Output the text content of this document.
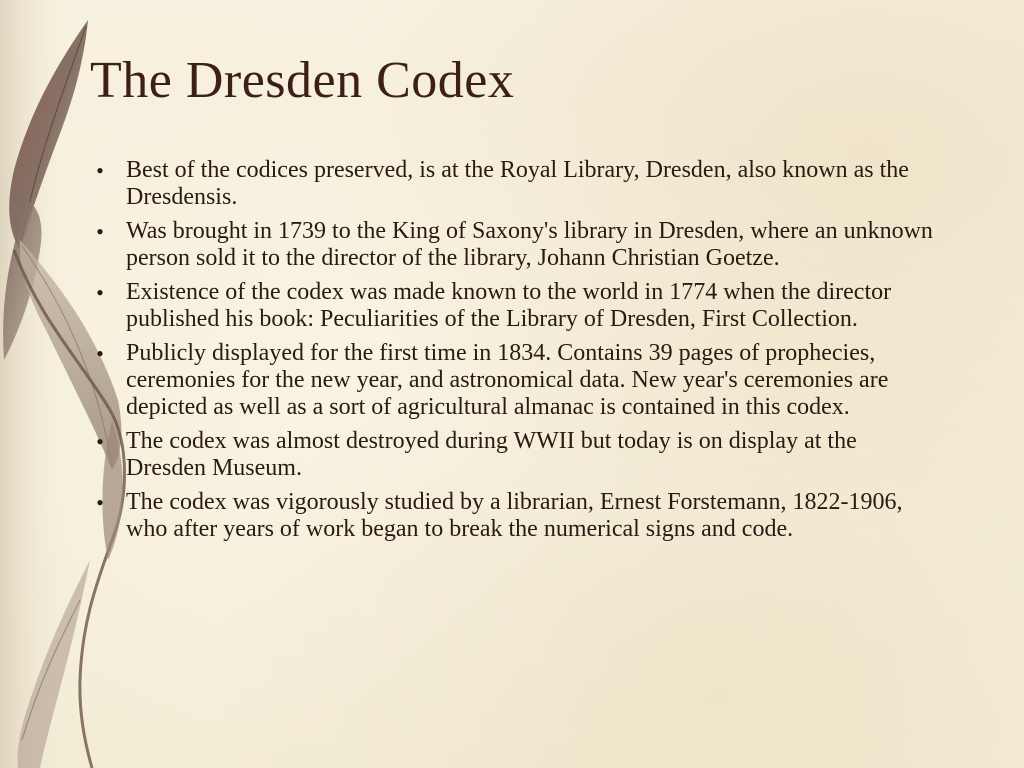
The Dresden Codex
• Best of the codices preserved, is at the Royal Library, Dresden, also known as the Dresdensis.
• Was brought in 1739 to the King of Saxony's library in Dresden, where an unknown person sold it to the director of the library, Johann Christian Goetze.
• Existence of the codex was made known to the world in 1774 when the director published his book: Peculiarities of the Library of Dresden, First Collection.
• Publicly displayed for the first time in 1834. Contains 39 pages of prophecies, ceremonies for the new year, and astronomical data. New year's ceremonies are depicted as well as a sort of agricultural almanac is contained in this codex.
• The codex was almost destroyed during WWII but today is on display at the Dresden Museum.
• The codex was vigorously studied by a librarian, Ernest Forstemann, 1822-1906, who after years of work began to break the numerical signs and code.
